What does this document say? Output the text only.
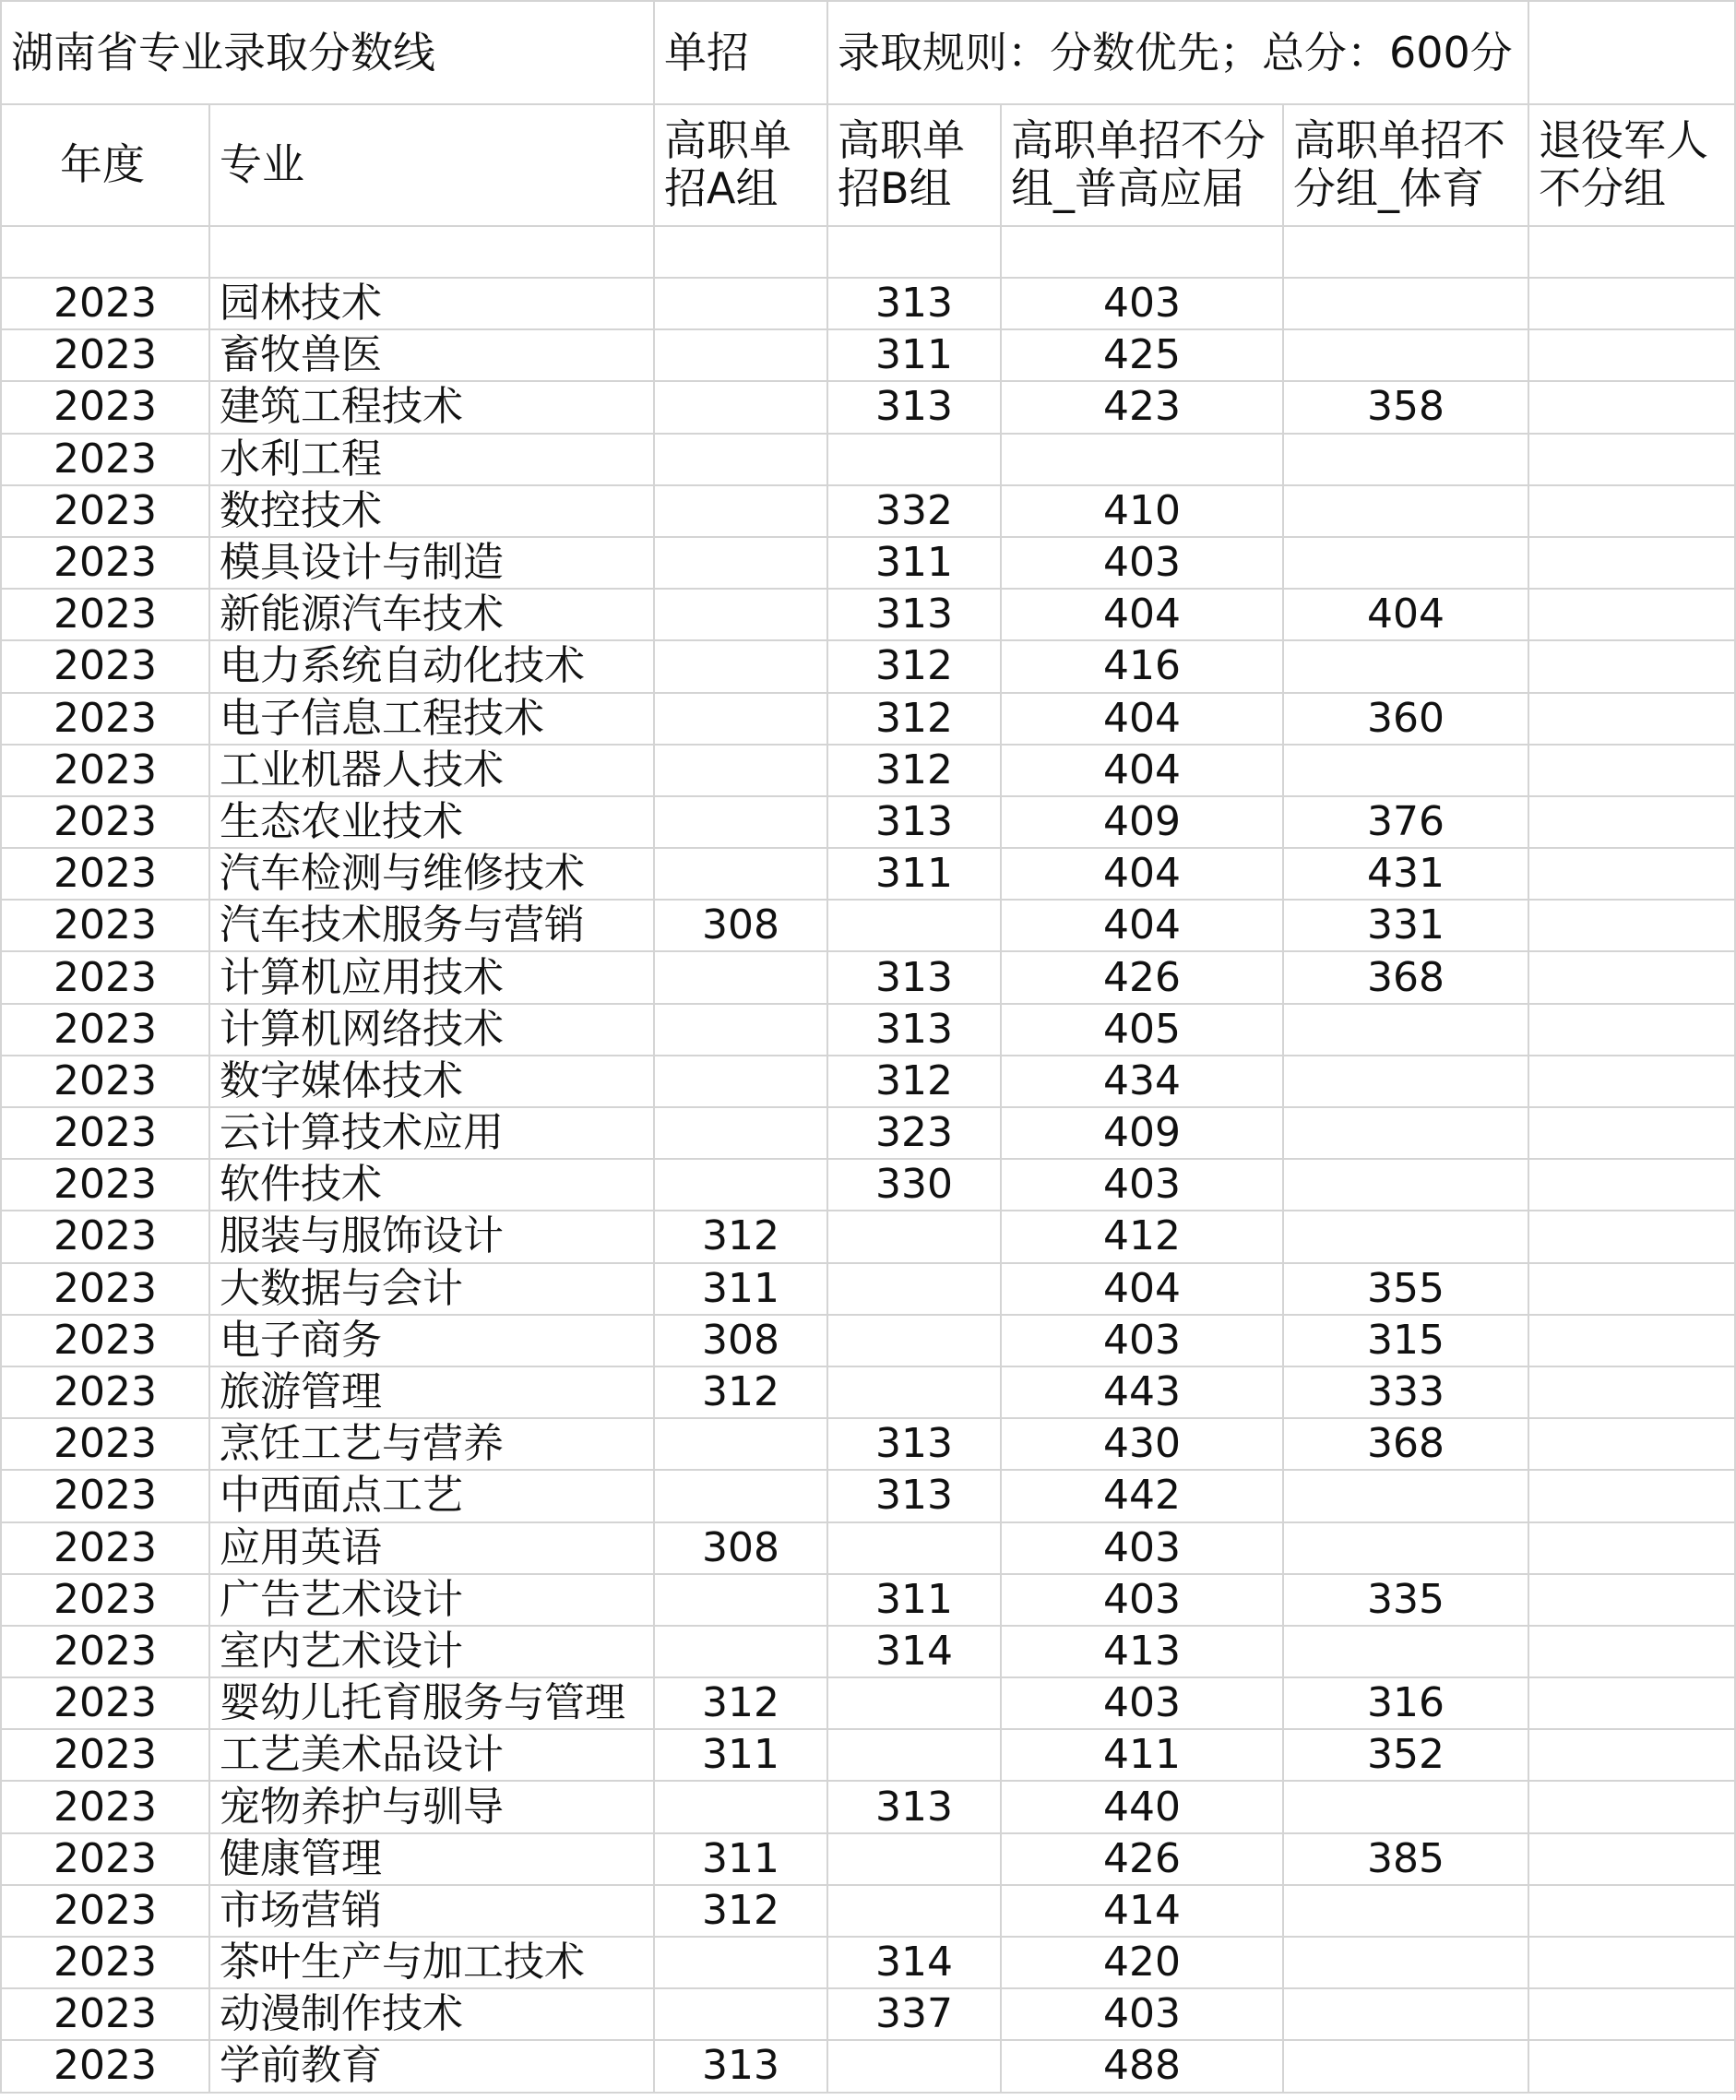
湖南省专业录取分数线		单招	录取规则：分数优先；总分：600分			
年度	专业	高职单招A组	高职单招B组	高职单招不分组_普高应届	高职单招不分组_体育	退役军人不分组

2023	园林技术		313	403		
2023	畜牧兽医		311	425		
2023	建筑工程技术		313	423	358	
2023	水利工程					
2023	数控技术		332	410		
2023	模具设计与制造		311	403		
2023	新能源汽车技术		313	404	404	
2023	电力系统自动化技术		312	416		
2023	电子信息工程技术		312	404	360	
2023	工业机器人技术		312	404		
2023	生态农业技术		313	409	376	
2023	汽车检测与维修技术		311	404	431	
2023	汽车技术服务与营销	308		404	331	
2023	计算机应用技术		313	426	368	
2023	计算机网络技术		313	405		
2023	数字媒体技术		312	434		
2023	云计算技术应用		323	409		
2023	软件技术		330	403		
2023	服装与服饰设计	312		412		
2023	大数据与会计	311		404	355	
2023	电子商务	308		403	315	
2023	旅游管理	312		443	333	
2023	烹饪工艺与营养		313	430	368	
2023	中西面点工艺		313	442		
2023	应用英语	308		403		
2023	广告艺术设计		311	403	335	
2023	室内艺术设计		314	413		
2023	婴幼儿托育服务与管理	312		403	316	
2023	工艺美术品设计	311		411	352	
2023	宠物养护与驯导		313	440		
2023	健康管理	311		426	385	
2023	市场营销	312		414		
2023	茶叶生产与加工技术		314	420		
2023	动漫制作技术		337	403		
2023	学前教育	313		488		
